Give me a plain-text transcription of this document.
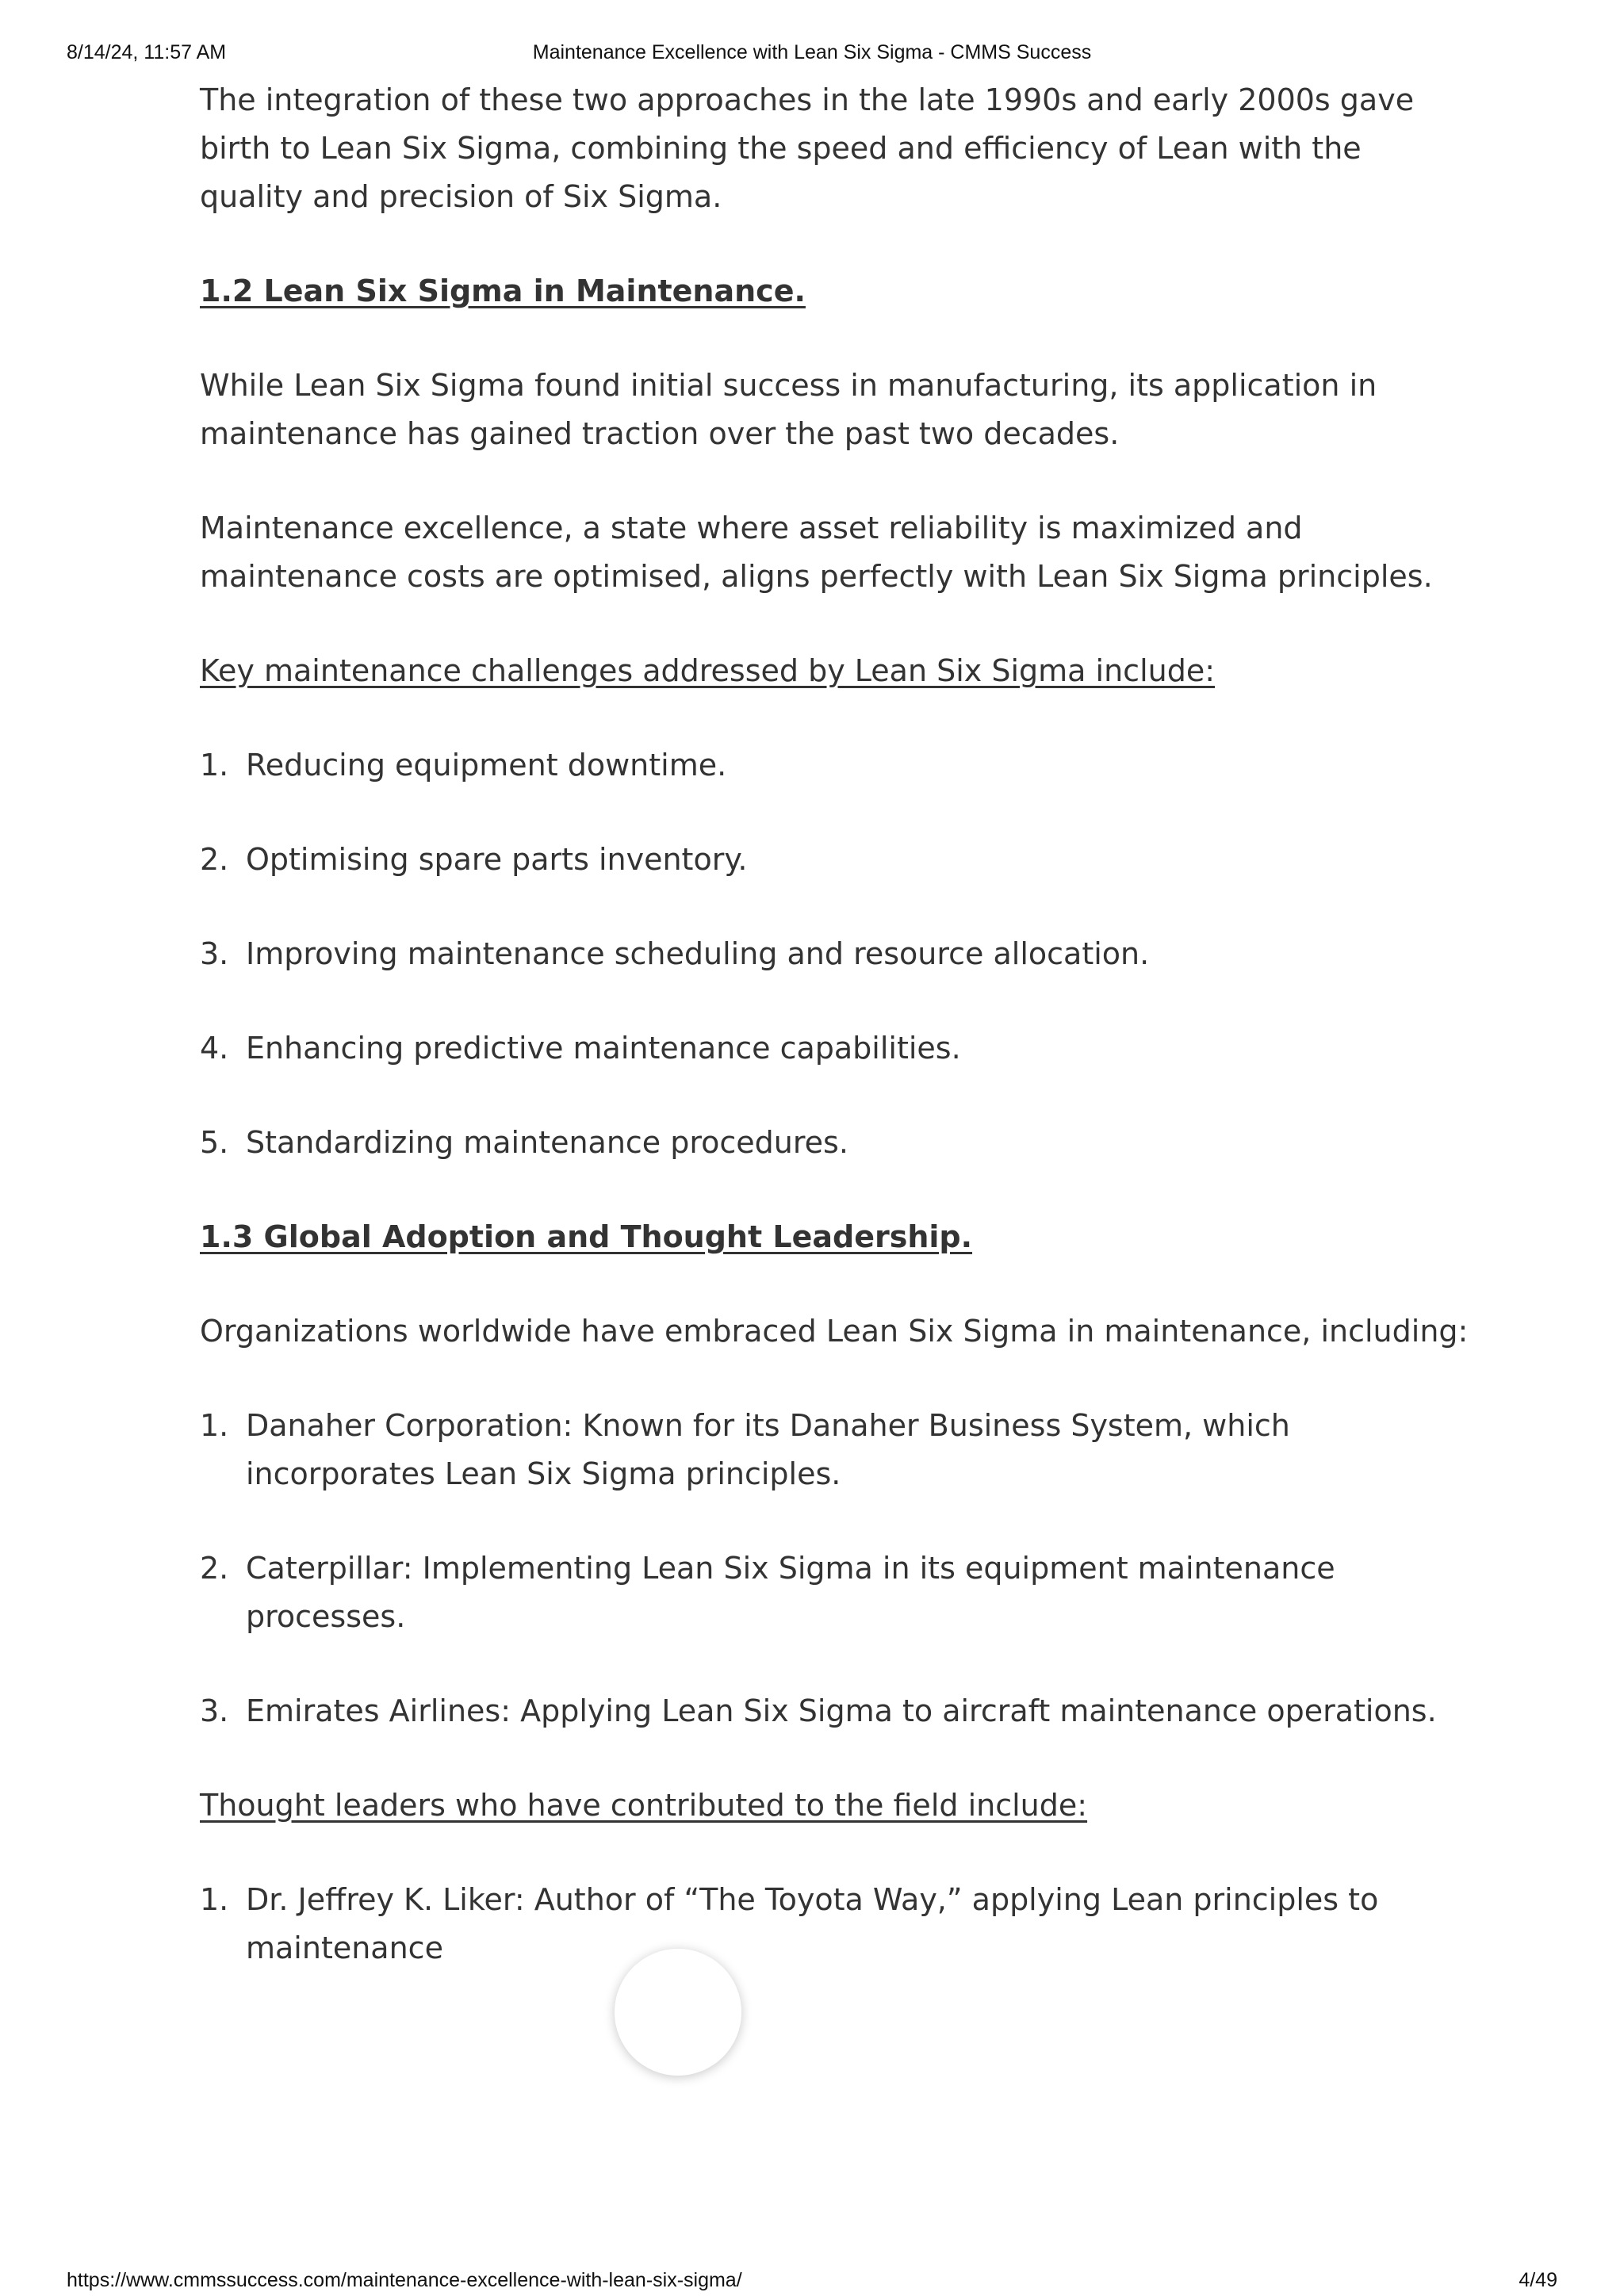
8/14/24, 11:57 AM	Maintenance Excellence with Lean Six Sigma - CMMS Success

The integration of these two approaches in the late 1990s and early 2000s gave birth to Lean Six Sigma, combining the speed and efficiency of Lean with the quality and precision of Six Sigma.

1.2 Lean Six Sigma in Maintenance.

While Lean Six Sigma found initial success in manufacturing, its application in maintenance has gained traction over the past two decades.

Maintenance excellence, a state where asset reliability is maximized and maintenance costs are optimised, aligns perfectly with Lean Six Sigma principles.

Key maintenance challenges addressed by Lean Six Sigma include:

1. Reducing equipment downtime.
2. Optimising spare parts inventory.
3. Improving maintenance scheduling and resource allocation.
4. Enhancing predictive maintenance capabilities.
5. Standardizing maintenance procedures.
1.3 Global Adoption and Thought Leadership.

Organizations worldwide have embraced Lean Six Sigma in maintenance, including:

1. Danaher Corporation: Known for its Danaher Business System, which incorporates Lean Six Sigma principles.
2. Caterpillar: Implementing Lean Six Sigma in its equipment maintenance processes.
3. Emirates Airlines: Applying Lean Six Sigma to aircraft maintenance operations.

Thought leaders who have contributed to the field include:

1. Dr. Jeffrey K. Liker: Author of “The Toyota Way,” applying Lean principles to maintenance
https://www.cmmssuccess.com/maintenance-excellence-with-lean-six-sigma/	4/49
